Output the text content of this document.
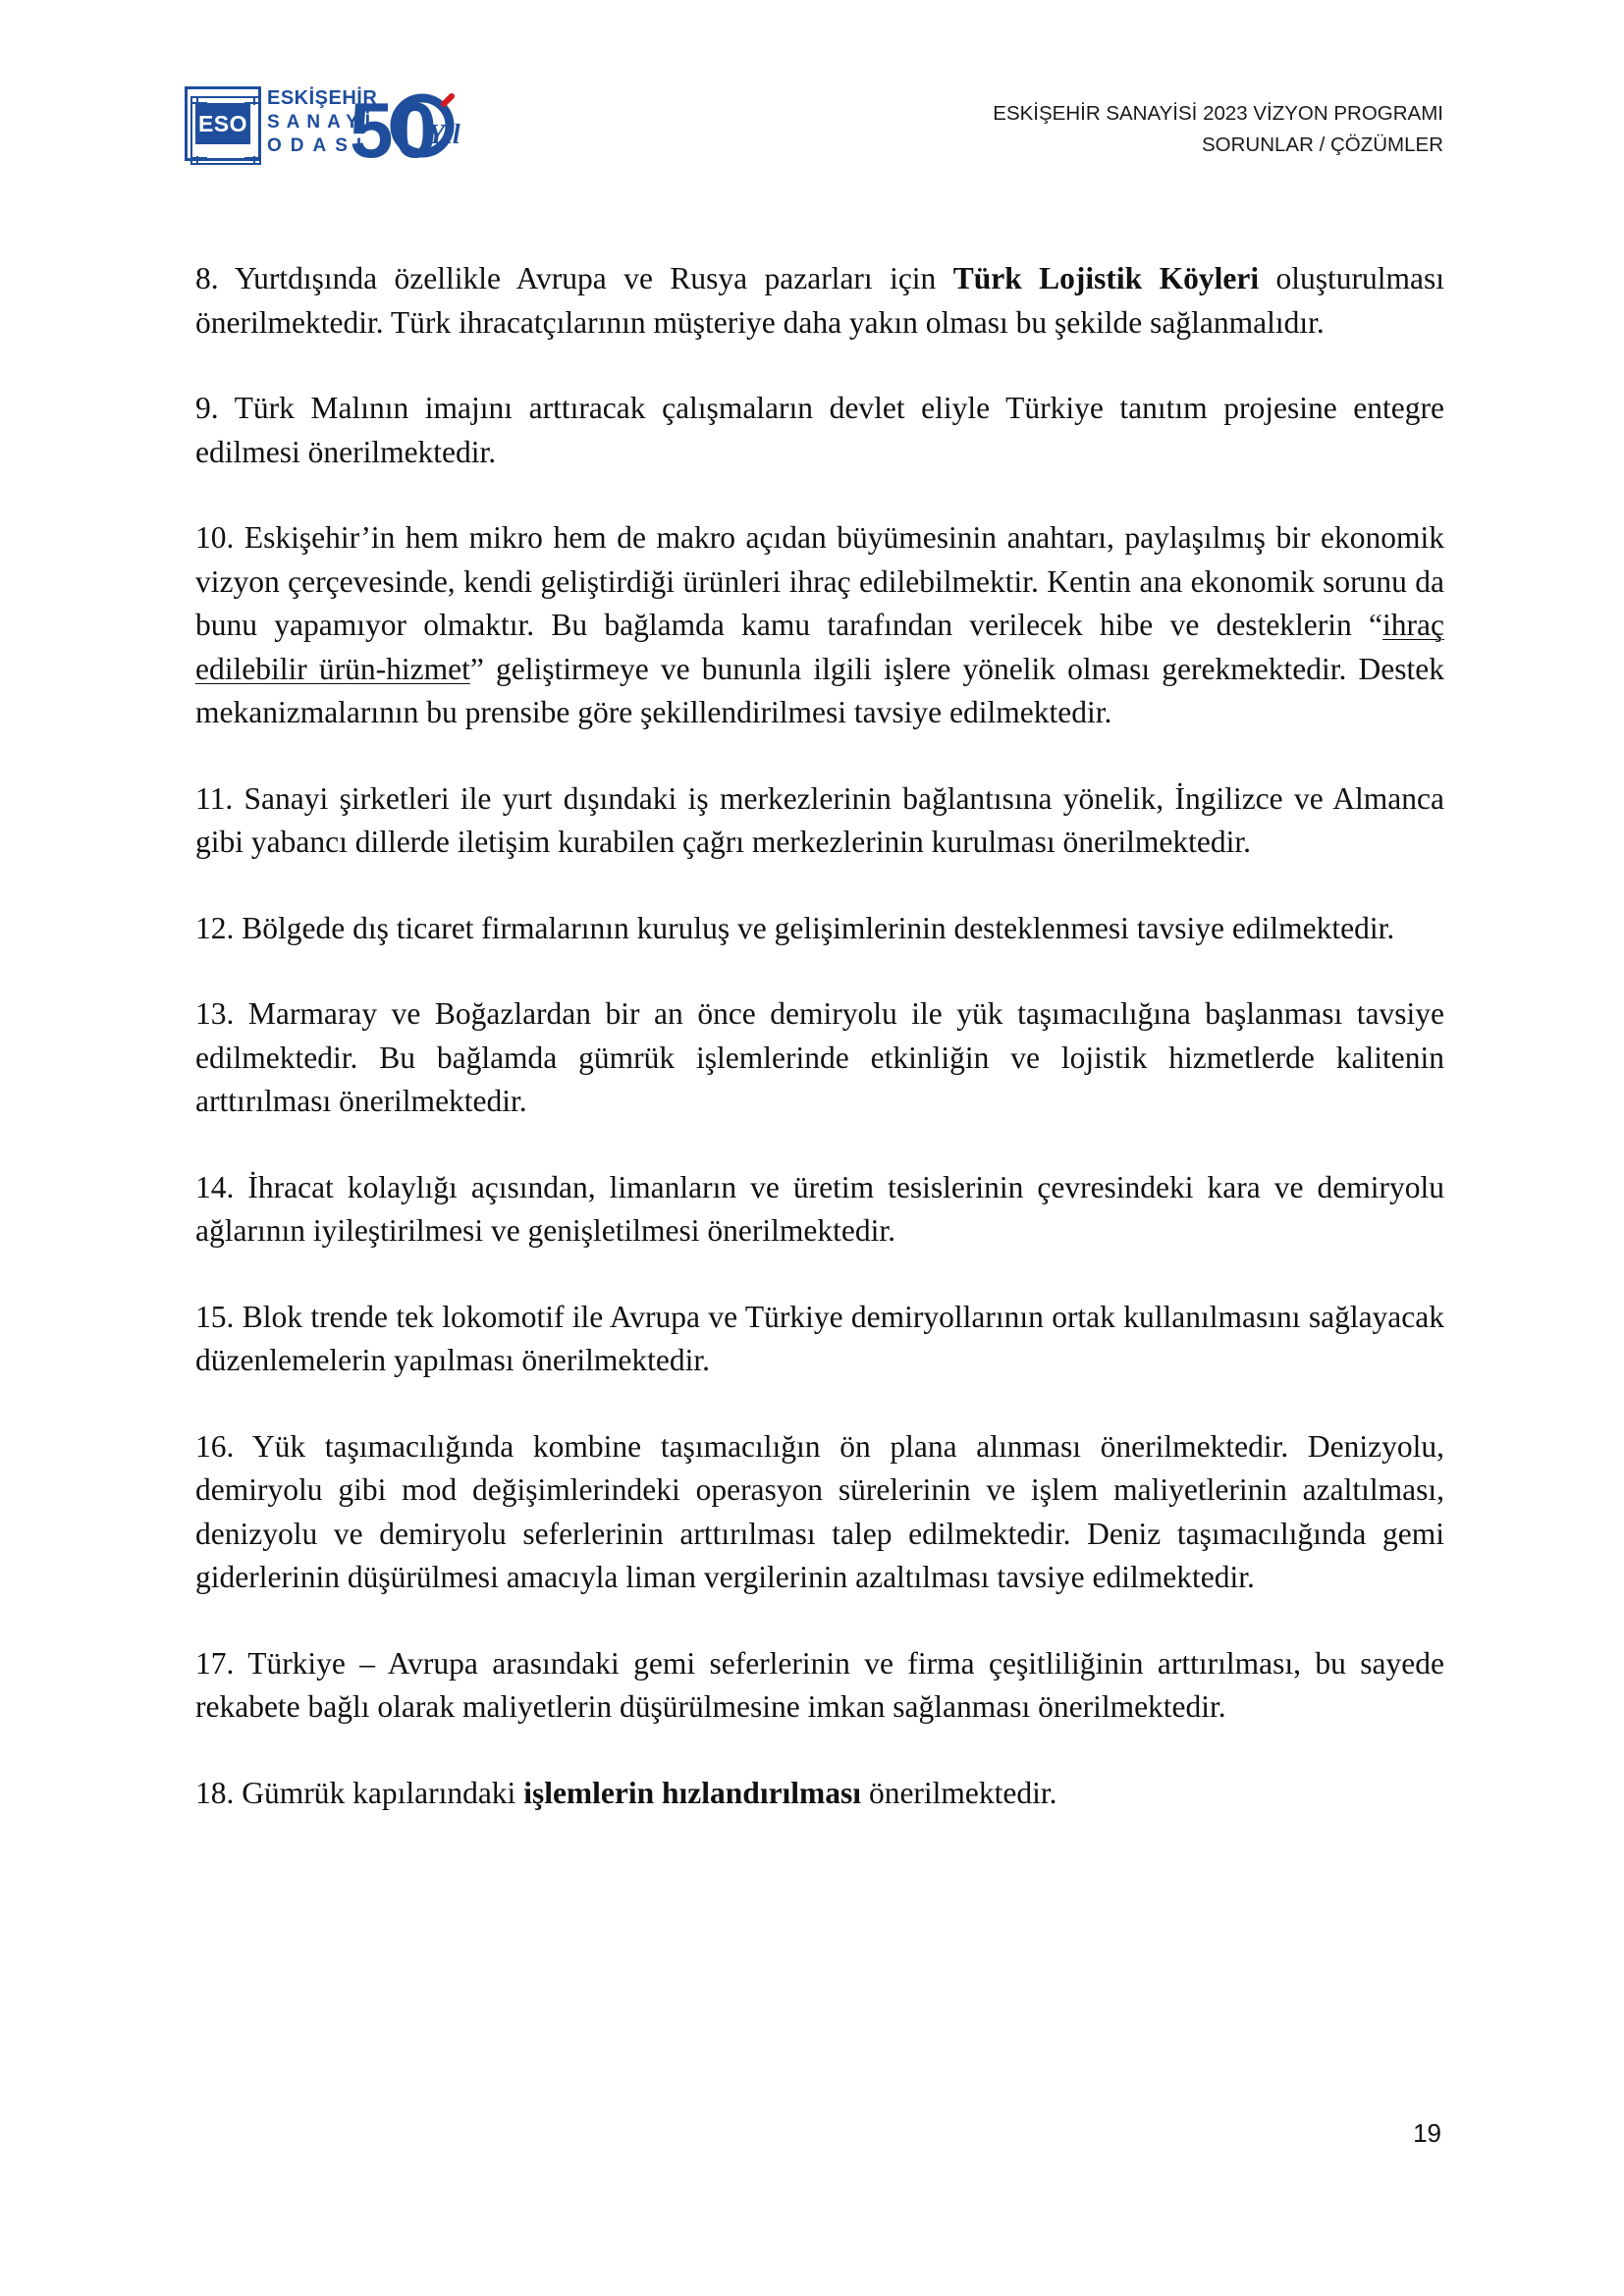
ESO
ESKİŞEHİR
SANAYİ
ODASI
50
Yıl
ESKİŞEHİR SANAYİSİ 2023 VİZYON PROGRAMI
SORUNLAR / ÇÖZÜMLER

8. Yurtdışında özellikle Avrupa ve Rusya pazarları için Türk Lojistik Köyleri oluşturulması önerilmektedir. Türk ihracatçılarının müşteriye daha yakın olması bu şekilde sağlanmalıdır.

9. Türk Malının imajını arttıracak çalışmaların devlet eliyle Türkiye tanıtım projesine entegre edilmesi önerilmektedir.

10. Eskişehir’in hem mikro hem de makro açıdan büyümesinin anahtarı, paylaşılmış bir ekonomik vizyon çerçevesinde, kendi geliştirdiği ürünleri ihraç edilebilmektir. Kentin ana ekonomik sorunu da bunu yapamıyor olmaktır. Bu bağlamda kamu tarafından verilecek hibe ve desteklerin “ihraç edilebilir ürün-hizmet” geliştirmeye ve bununla ilgili işlere yönelik olması gerekmektedir. Destek mekanizmalarının bu prensibe göre şekillendirilmesi tavsiye edilmektedir.

11. Sanayi şirketleri ile yurt dışındaki iş merkezlerinin bağlantısına yönelik, İngilizce ve Almanca gibi yabancı dillerde iletişim kurabilen çağrı merkezlerinin kurulması önerilmektedir.

12. Bölgede dış ticaret firmalarının kuruluş ve gelişimlerinin desteklenmesi tavsiye edilmektedir.

13. Marmaray ve Boğazlardan bir an önce demiryolu ile yük taşımacılığına başlanması tavsiye edilmektedir. Bu bağlamda gümrük işlemlerinde etkinliğin ve lojistik hizmetlerde kalitenin arttırılması önerilmektedir.

14. İhracat kolaylığı açısından, limanların ve üretim tesislerinin çevresindeki kara ve demiryolu ağlarının iyileştirilmesi ve genişletilmesi önerilmektedir.

15. Blok trende tek lokomotif ile Avrupa ve Türkiye demiryollarının ortak kullanılmasını sağlayacak düzenlemelerin yapılması önerilmektedir.

16. Yük taşımacılığında kombine taşımacılığın ön plana alınması önerilmektedir. Denizyolu, demiryolu gibi mod değişimlerindeki operasyon sürelerinin ve işlem maliyetlerinin azaltılması, denizyolu ve demiryolu seferlerinin arttırılması talep edilmektedir. Deniz taşımacılığında gemi giderlerinin düşürülmesi amacıyla liman vergilerinin azaltılması tavsiye edilmektedir.

17. Türkiye – Avrupa arasındaki gemi seferlerinin ve firma çeşitliliğinin arttırılması, bu sayede rekabete bağlı olarak maliyetlerin düşürülmesine imkan sağlanması önerilmektedir.

18. Gümrük kapılarındaki işlemlerin hızlandırılması önerilmektedir.

19
